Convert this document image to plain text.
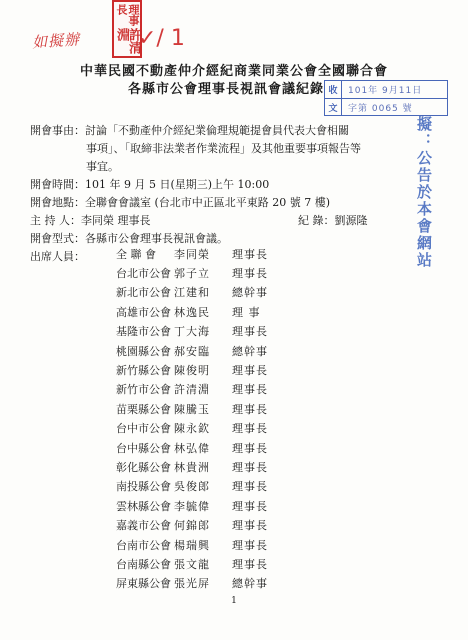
如擬辦	✓/ 1
理事長
許清淵
中華民國不動產仲介經紀商業同業公會全國聯合會
各縣市公會理事長視訊會議紀錄 收	101年 9月11日
文	字第 0065 號
擬：公告於本會網站
開會事由：討論「不動產仲介經紀業倫理規範提會員代表大會相關
事項」、「取締非法業者作業流程」及其他重要事項報告等
事宜。
開會時間：101 年 9 月 5 日(星期三)上午 10:00
開會地點：全聯會會議室 (台北市中正區北平東路 20 號 7 樓)
主 持 人：李同榮 理事長	紀 錄：劉源隆
開會型式：各縣市公會理事長視訊會議。
出席人員：	全 聯 會	李同榮	理事長
台北市公會 郭子立	理事長
新北市公會 江建和	總幹事
高雄市公會 林逸民	理 事
基隆市公會 丁大海	理事長
桃園縣公會 郝安臨	總幹事
新竹縣公會 陳俊明	理事長
新竹市公會 許清淵	理事長
苗栗縣公會 陳騰玉	理事長
台中市公會 陳永欽	理事長
台中縣公會 林弘偉	理事長
彰化縣公會 林貴洲	理事長
南投縣公會 吳俊郎	理事長
雲林縣公會 李毓偉	理事長
嘉義市公會 何錦郎	理事長
台南市公會 楊瑞興	理事長
台南縣公會 張文龍	理事長
屏東縣公會 張光屏	總幹事
1
